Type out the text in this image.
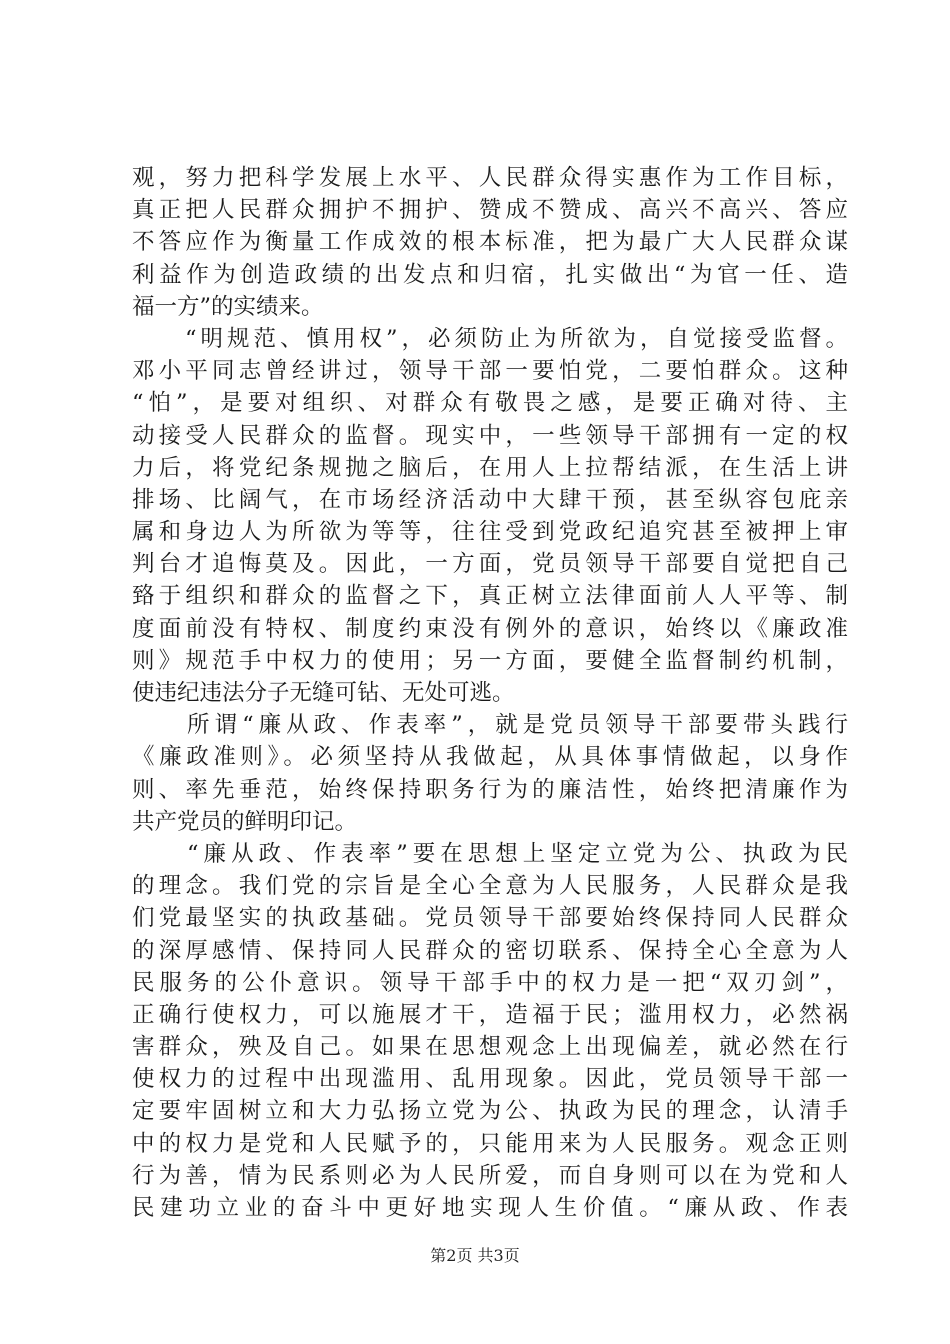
观，努力把科学发展上水平、人民群众得实惠作为工作目标，
真正把人民群众拥护不拥护、赞成不赞成、高兴不高兴、答应
不答应作为衡量工作成效的根本标准，把为最广大人民群众谋
利益作为创造政绩的出发点和归宿，扎实做出“为官一任、造
福一方”的实绩来。
　　“明规范、慎用权”，必须防止为所欲为，自觉接受监督。
邓小平同志曾经讲过，领导干部一要怕党，二要怕群众。这种
“怕”，是要对组织、对群众有敬畏之感，是要正确对待、主
动接受人民群众的监督。现实中，一些领导干部拥有一定的权
力后，将党纪条规抛之脑后，在用人上拉帮结派，在生活上讲
排场、比阔气，在市场经济活动中大肆干预，甚至纵容包庇亲
属和身边人为所欲为等等，往往受到党政纪追究甚至被押上审
判台才追悔莫及。因此，一方面，党员领导干部要自觉把自己
臵于组织和群众的监督之下，真正树立法律面前人人平等、制
度面前没有特权、制度约束没有例外的意识，始终以《廉政准
则》规范手中权力的使用；另一方面，要健全监督制约机制，
使违纪违法分子无缝可钻、无处可逃。
　　所谓“廉从政、作表率”，就是党员领导干部要带头践行
《廉政准则》。必须坚持从我做起，从具体事情做起，以身作
则、率先垂范，始终保持职务行为的廉洁性，始终把清廉作为
共产党员的鲜明印记。
　　“廉从政、作表率”要在思想上坚定立党为公、执政为民
的理念。我们党的宗旨是全心全意为人民服务，人民群众是我
们党最坚实的执政基础。党员领导干部要始终保持同人民群众
的深厚感情、保持同人民群众的密切联系、保持全心全意为人
民服务的公仆意识。领导干部手中的权力是一把“双刃剑”，
正确行使权力，可以施展才干，造福于民；滥用权力，必然祸
害群众，殃及自己。如果在思想观念上出现偏差，就必然在行
使权力的过程中出现滥用、乱用现象。因此，党员领导干部一
定要牢固树立和大力弘扬立党为公、执政为民的理念，认清手
中的权力是党和人民赋予的，只能用来为人民服务。观念正则
行为善，情为民系则必为人民所爱，而自身则可以在为党和人
民建功立业的奋斗中更好地实现人生价值。“廉从政、作表
第2页 共3页
